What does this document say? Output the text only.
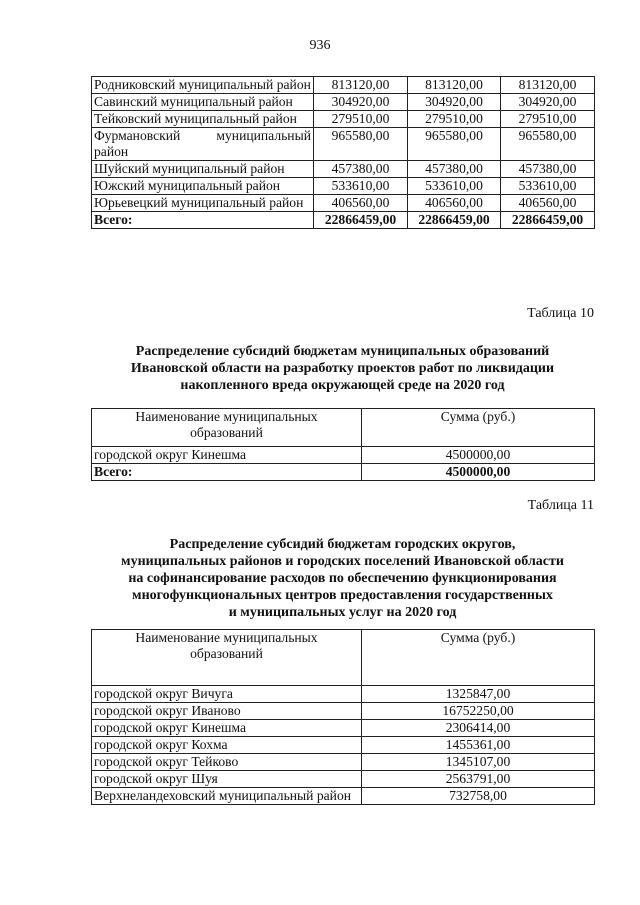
936
Родниковский муниципальный район	813120,00	813120,00	813120,00
Савинский муниципальный район	304920,00	304920,00	304920,00
Тейковский муниципальный район	279510,00	279510,00	279510,00
Фурмановский муниципальный район	965580,00	965580,00	965580,00
Шуйский муниципальный район	457380,00	457380,00	457380,00
Южский муниципальный район	533610,00	533610,00	533610,00
Юрьевецкий муниципальный район	406560,00	406560,00	406560,00
Всего:	22866459,00	22866459,00	22866459,00
Таблица 10
Распределение субсидий бюджетам муниципальных образований
Ивановской области на разработку проектов работ по ликвидации
накопленного вреда окружающей среде на 2020 год
Наименование муниципальных образований	Сумма (руб.)
городской округ Кинешма	4500000,00
Всего:	4500000,00
Таблица 11
Распределение субсидий бюджетам городских округов,
муниципальных районов и городских поселений Ивановской области
на софинансирование расходов по обеспечению функционирования
многофункциональных центров предоставления государственных
и муниципальных услуг на 2020 год
Наименование муниципальных образований	Сумма (руб.)
городской округ Вичуга	1325847,00
городской округ Иваново	16752250,00
городской округ Кинешма	2306414,00
городской округ Кохма	1455361,00
городской округ Тейково	1345107,00
городской округ Шуя	2563791,00
Верхнеландеховский муниципальный район	732758,00
